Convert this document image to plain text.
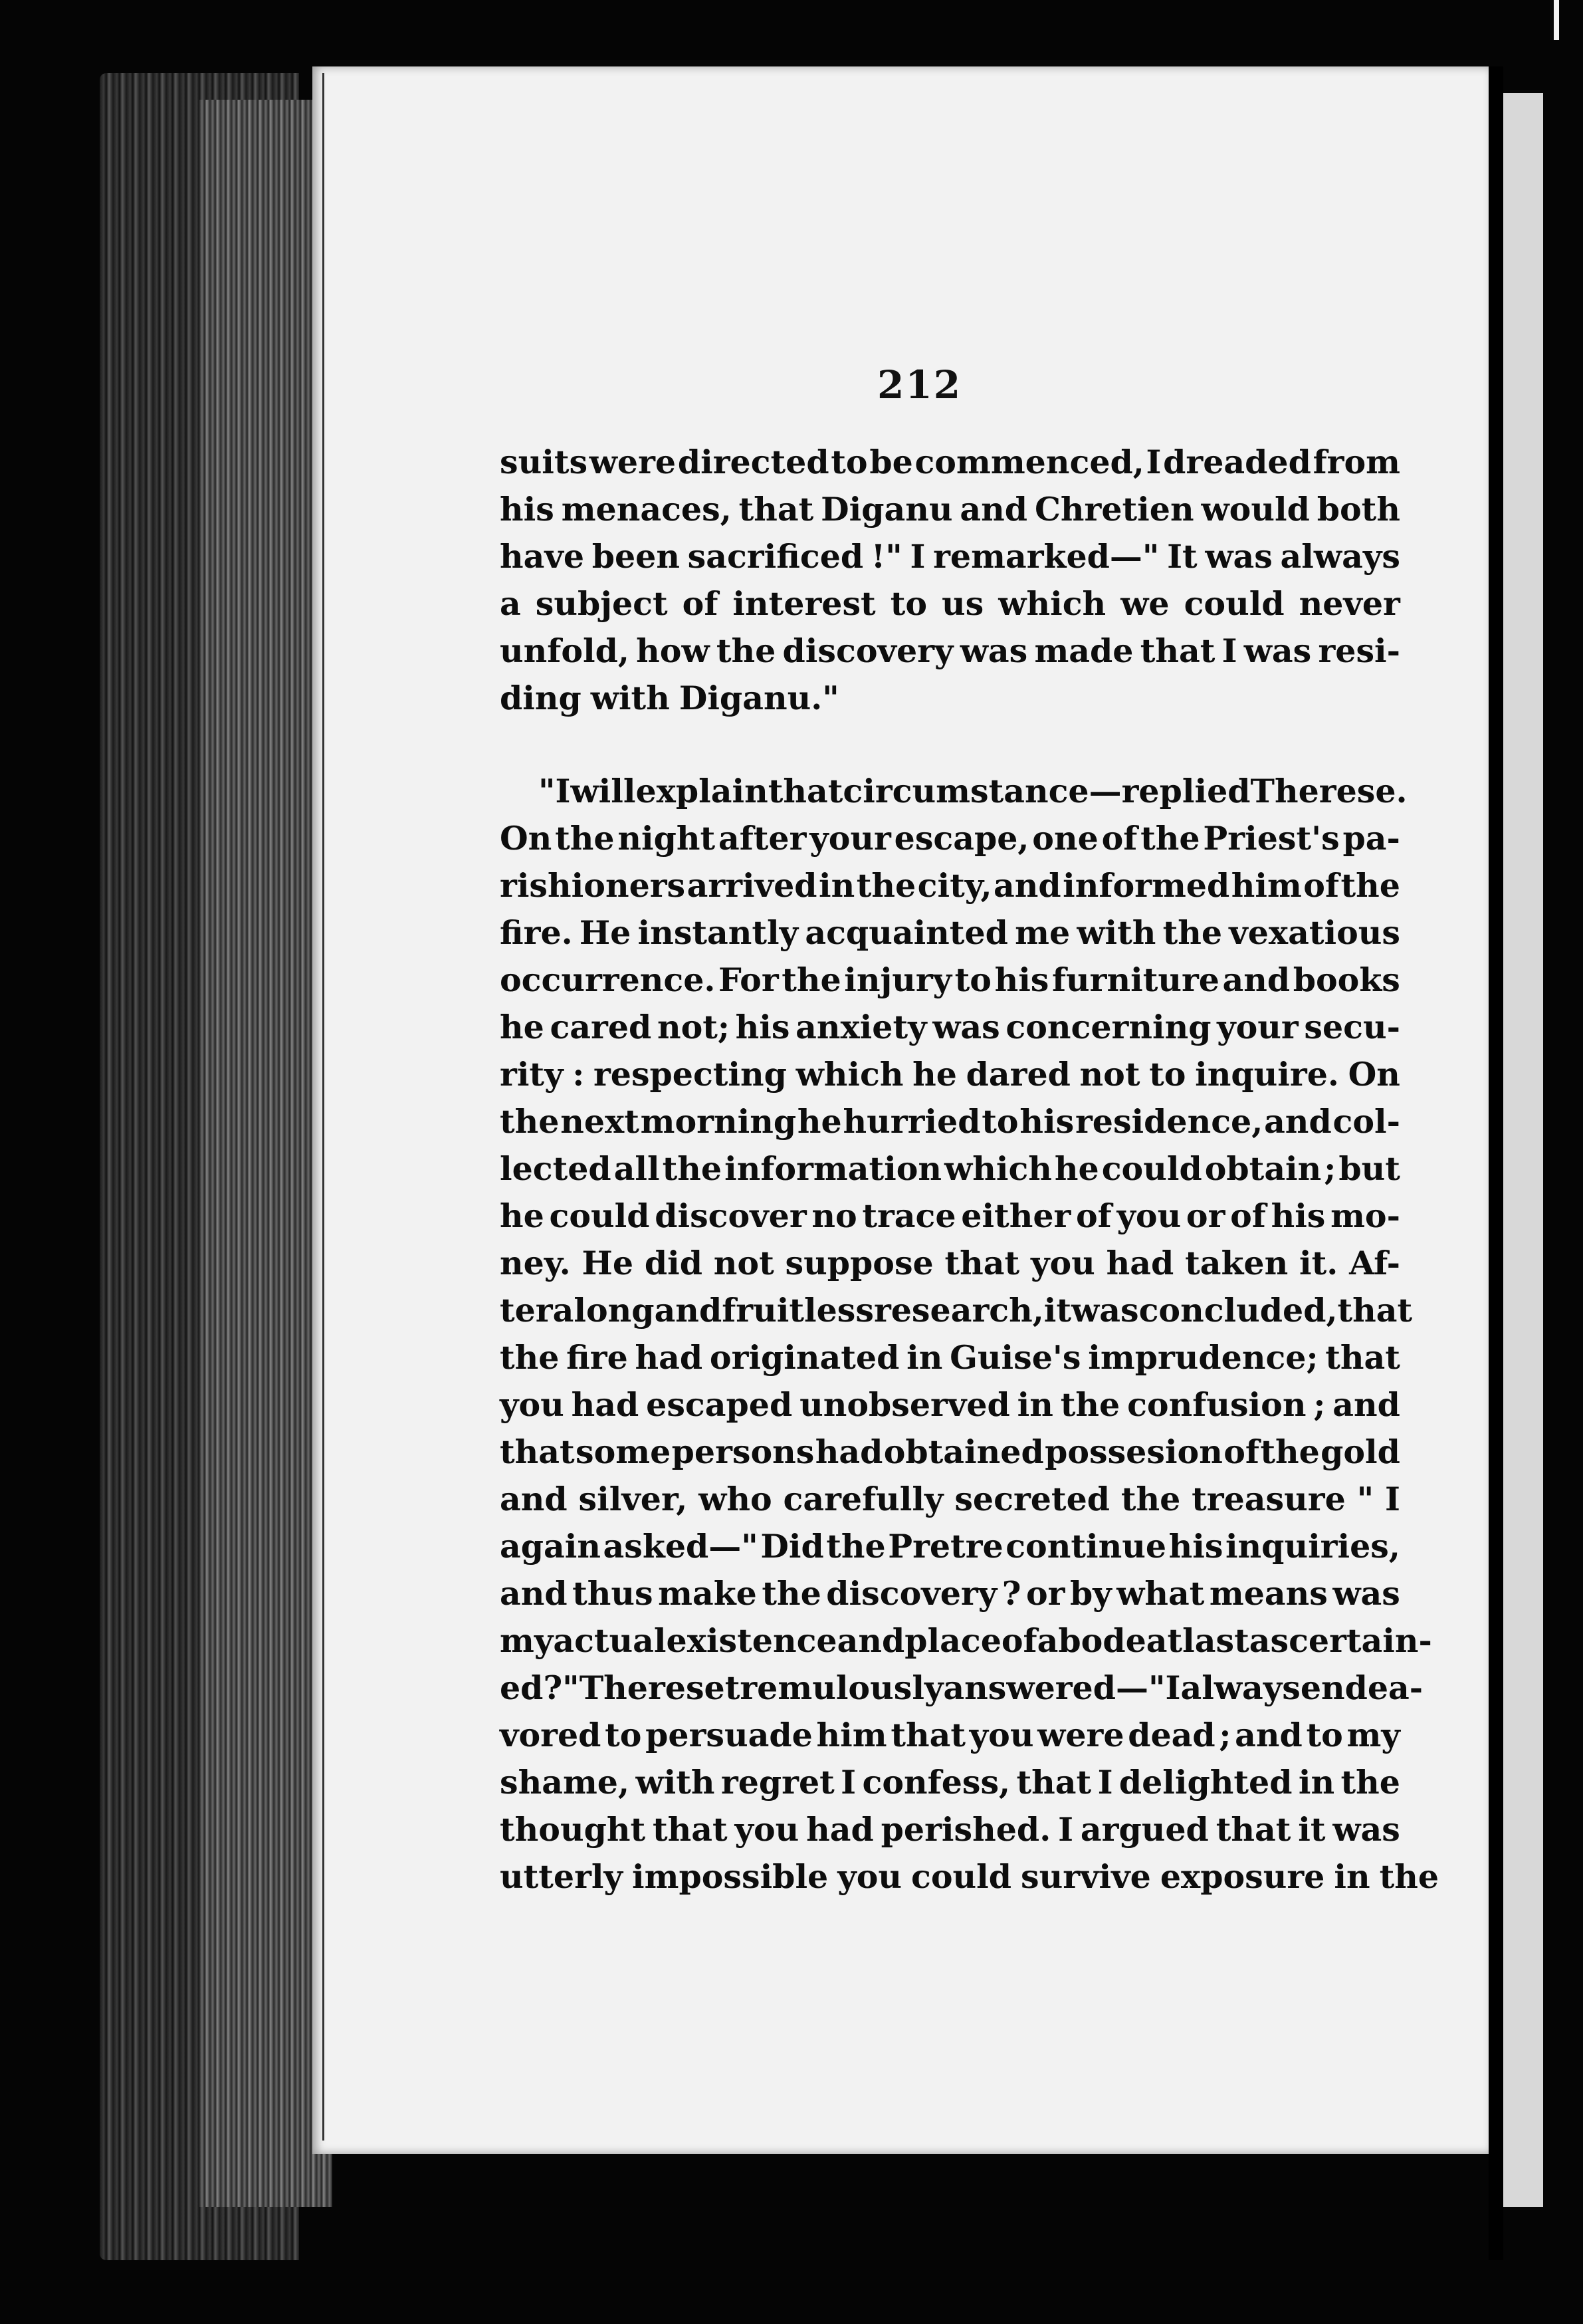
212
suits were directed to be commenced, I dreaded from
his menaces, that Diganu and Chretien would both
have been sacrificed !" I remarked—" It was always
a subject of interest to us which we could never
unfold, how the discovery was made that I was resi-
ding with Diganu."
" I will explain that circumstance—replied Therese.
On the night after your escape, one of the Priest's pa-
rishioners arrived in the city, and informed him of the
fire. He instantly acquainted me with the vexatious
occurrence. For the injury to his furniture and books
he cared not; his anxiety was concerning your secu-
rity : respecting which he dared not to inquire. On
the next morning he hurried to his residence, and col-
lected all the information which he could obtain ; but
he could discover no trace either of you or of his mo-
ney. He did not suppose that you had taken it. Af-
ter a long and fruitless research, it was concluded, that
the fire had originated in Guise's imprudence; that
you had escaped unobserved in the confusion ; and
that some persons had obtained possesion of the gold
and silver, who carefully secreted the treasure " I
again asked—" Did the Pretre continue his inquiries,
and thus make the discovery ? or by what means was
my actual existence and place of abode at last ascertain-
ed ?" Therese tremulously answered—" I always endea-
vored to persuade him that you were dead ; and to my
shame, with regret I confess, that I delighted in the
thought that you had perished. I argued that it was
utterly impossible you could survive exposure in the
